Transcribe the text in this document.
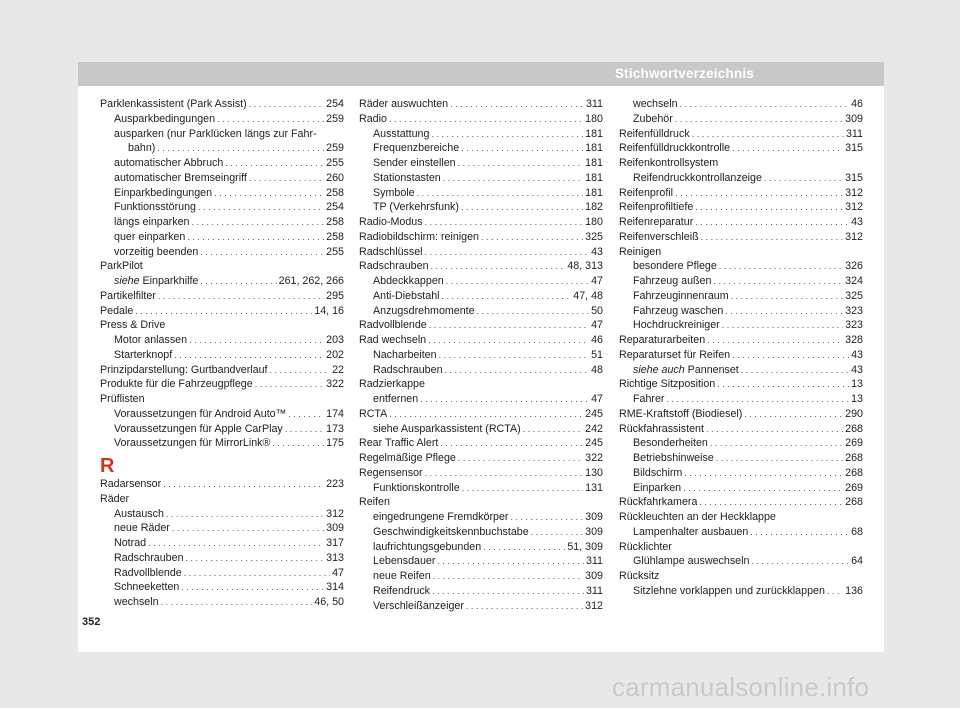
Stichwortverzeichnis
Parklenkassistent (Park Assist) . . .	254
Ausparkbedingungen . . .	259
ausparken (nur Parklücken längs zur Fahr-
bahn) . . .	259
automatischer Abbruch . . .	255
automatischer Bremseingriff . . .	260
Einparkbedingungen . . .	258
Funktionsstörung . . .	254
längs einparken . . .	258
quer einparken . . .	258
vorzeitig beenden . . .	255
ParkPilot
siehe Einparkhilfe . . .	261, 262, 266
Partikelfilter . . .	295
Pedale . . .	14, 16
Press & Drive
Motor anlassen . . .	203
Starterknopf . . .	202
Prinzipdarstellung: Gurtbandverlauf . . .	22
Produkte für die Fahrzeugpflege . . .	322
Prüflisten
Voraussetzungen für Android Auto™ . . .	174
Voraussetzungen für Apple CarPlay . . .	173
Voraussetzungen für MirrorLink® . . .	175
R
Radarsensor . . .	223
Räder
Austausch . . .	312
neue Räder . . .	309
Notrad . . .	317
Radschrauben . . .	313
Radvollblende . . .	47
Schneeketten . . .	314
wechseln . . .	46, 50
Räder auswuchten . . .	311
Radio . . .	180
Ausstattung . . .	181
Frequenzbereiche . . .	181
Sender einstellen . . .	181
Stationstasten . . .	181
Symbole . . .	181
TP (Verkehrsfunk) . . .	182
Radio-Modus . . .	180
Radiobildschirm: reinigen . . .	325
Radschlüssel . . .	43
Radschrauben . . .	48, 313
Abdeckkappen . . .	47
Anti-Diebstahl . . .	47, 48
Anzugsdrehmomente . . .	50
Radvollblende . . .	47
Rad wechseln . . .	46
Nacharbeiten . . .	51
Radschrauben . . .	48
Radzierkappe
entfernen . . .	47
RCTA . . .	245
siehe Ausparkassistent (RCTA) . . .	242
Rear Traffic Alert . . .	245
Regelmäßige Pflege . . .	322
Regensensor . . .	130
Funktionskontrolle . . .	131
Reifen
eingedrungene Fremdkörper . . .	309
Geschwindigkeitskennbuchstabe . . .	309
laufrichtungsgebunden . . .	51, 309
Lebensdauer . . .	311
neue Reifen . . .	309
Reifendruck . . .	311
Verschleißanzeiger . . .	312
wechseln . . .	46
Zubehör . . .	309
Reifenfülldruck . . .	311
Reifenfülldruckkontrolle . . .	315
Reifenkontrollsystem
Reifendruckkontrollanzeige . . .	315
Reifenprofil . . .	312
Reifenprofiltiefe . . .	312
Reifenreparatur . . .	43
Reifenverschleiß . . .	312
Reinigen
besondere Pflege . . .	326
Fahrzeug außen . . .	324
Fahrzeuginnenraum . . .	325
Fahrzeug waschen . . .	323
Hochdruckreiniger . . .	323
Reparaturarbeiten . . .	328
Reparaturset für Reifen . . .	43
siehe auch Pannenset . . .	43
Richtige Sitzposition . . .	13
Fahrer . . .	13
RME-Kraftstoff (Biodiesel) . . .	290
Rückfahrassistent . . .	268
Besonderheiten . . .	269
Betriebshinweise . . .	268
Bildschirm . . .	268
Einparken . . .	269
Rückfahrkamera . . .	268
Rückleuchten an der Heckklappe
Lampenhalter ausbauen . . .	68
Rücklichter
Glühlampe auswechseln . . .	64
Rücksitz
Sitzlehne vorklappen und zurückklappen . . . 136
352
carmanualsonline.info
